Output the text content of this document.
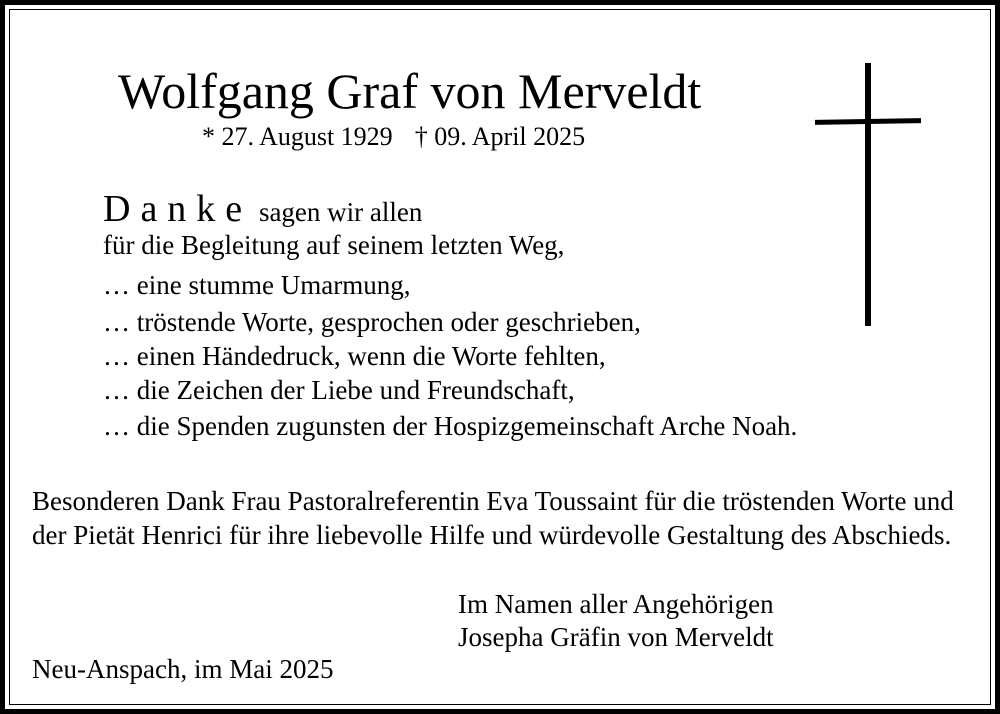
Wolfgang Graf von Merveldt
* 27. August 1929 † 09. April 2025
Danke sagen wir allen
für die Begleitung auf seinem letzten Weg,
… eine stumme Umarmung,
… tröstende Worte, gesprochen oder geschrieben,
… einen Händedruck, wenn die Worte fehlten,
… die Zeichen der Liebe und Freundschaft,
… die Spenden zugunsten der Hospizgemeinschaft Arche Noah.
Besonderen Dank Frau Pastoralreferentin Eva Toussaint für die tröstenden Worte und der Pietät Henrici für ihre liebevolle Hilfe und würdevolle Gestaltung des Abschieds.
Im Namen aller Angehörigen
Josepha Gräfin von Merveldt
Neu-Anspach, im Mai 2025
